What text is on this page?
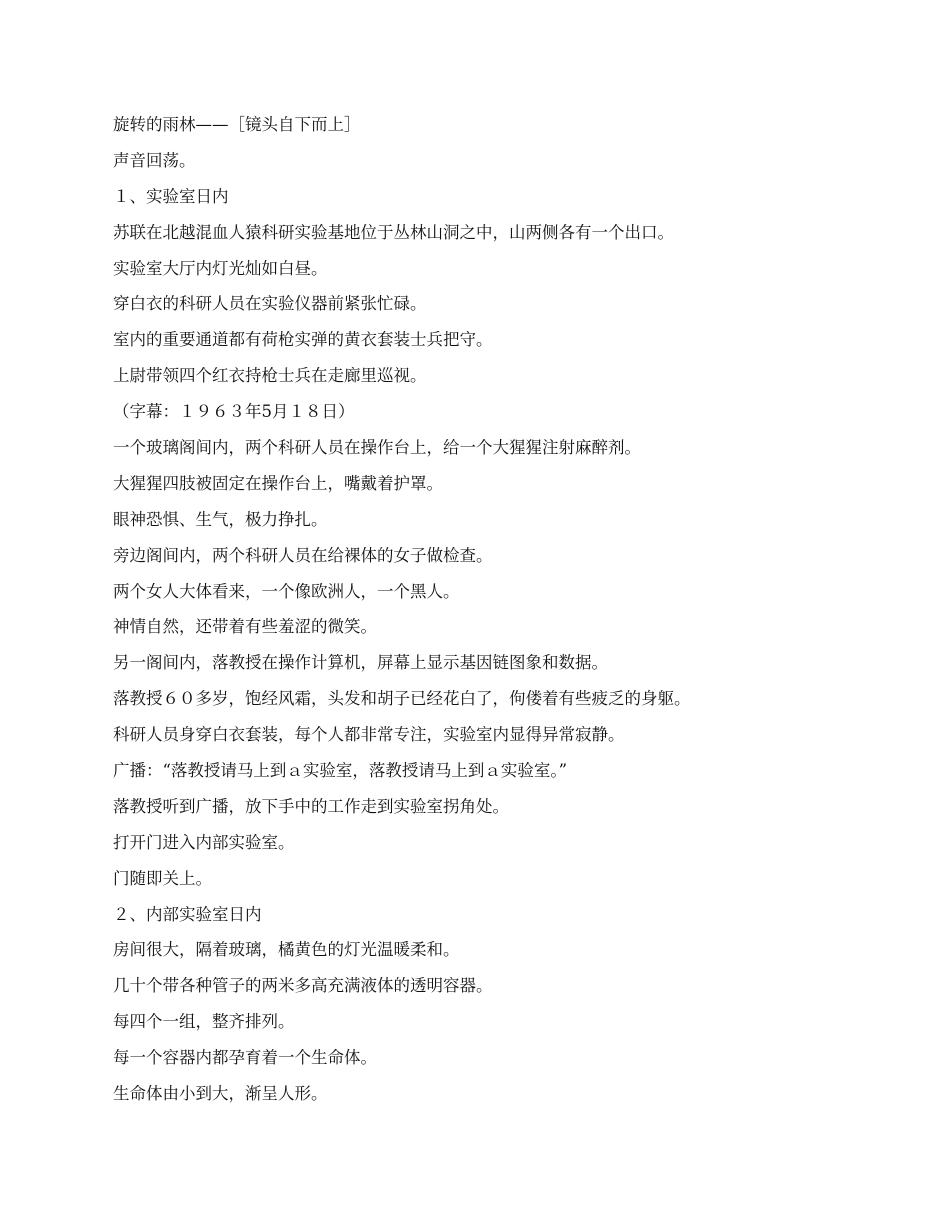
旋转的雨林——［镜头自下而上］
声音回荡。
１、实验室日内
苏联在北越混血人猿科研实验基地位于丛林山洞之中，山两侧各有一个出口。
实验室大厅内灯光灿如白昼。
穿白衣的科研人员在实验仪器前紧张忙碌。
室内的重要通道都有荷枪实弹的黄衣套装士兵把守。
上尉带领四个红衣持枪士兵在走廊里巡视。
（字幕：１９６３年5月１８日）
一个玻璃阁间内，两个科研人员在操作台上，给一个大猩猩注射麻醉剂。
大猩猩四肢被固定在操作台上，嘴戴着护罩。
眼神恐惧、生气，极力挣扎。
旁边阁间内，两个科研人员在给裸体的女子做检查。
两个女人大体看来，一个像欧洲人，一个黑人。
神情自然，还带着有些羞涩的微笑。
另一阁间内，落教授在操作计算机，屏幕上显示基因链图象和数据。
落教授６０多岁，饱经风霜，头发和胡子已经花白了，佝偻着有些疲乏的身躯。
科研人员身穿白衣套装，每个人都非常专注，实验室内显得异常寂静。
广播：“落教授请马上到ａ实验室，落教授请马上到ａ实验室。”
落教授听到广播，放下手中的工作走到实验室拐角处。
打开门进入内部实验室。
门随即关上。
２、内部实验室日内
房间很大，隔着玻璃，橘黄色的灯光温暖柔和。
几十个带各种管子的两米多高充满液体的透明容器。
每四个一组，整齐排列。
每一个容器内都孕育着一个生命体。
生命体由小到大，渐呈人形。
